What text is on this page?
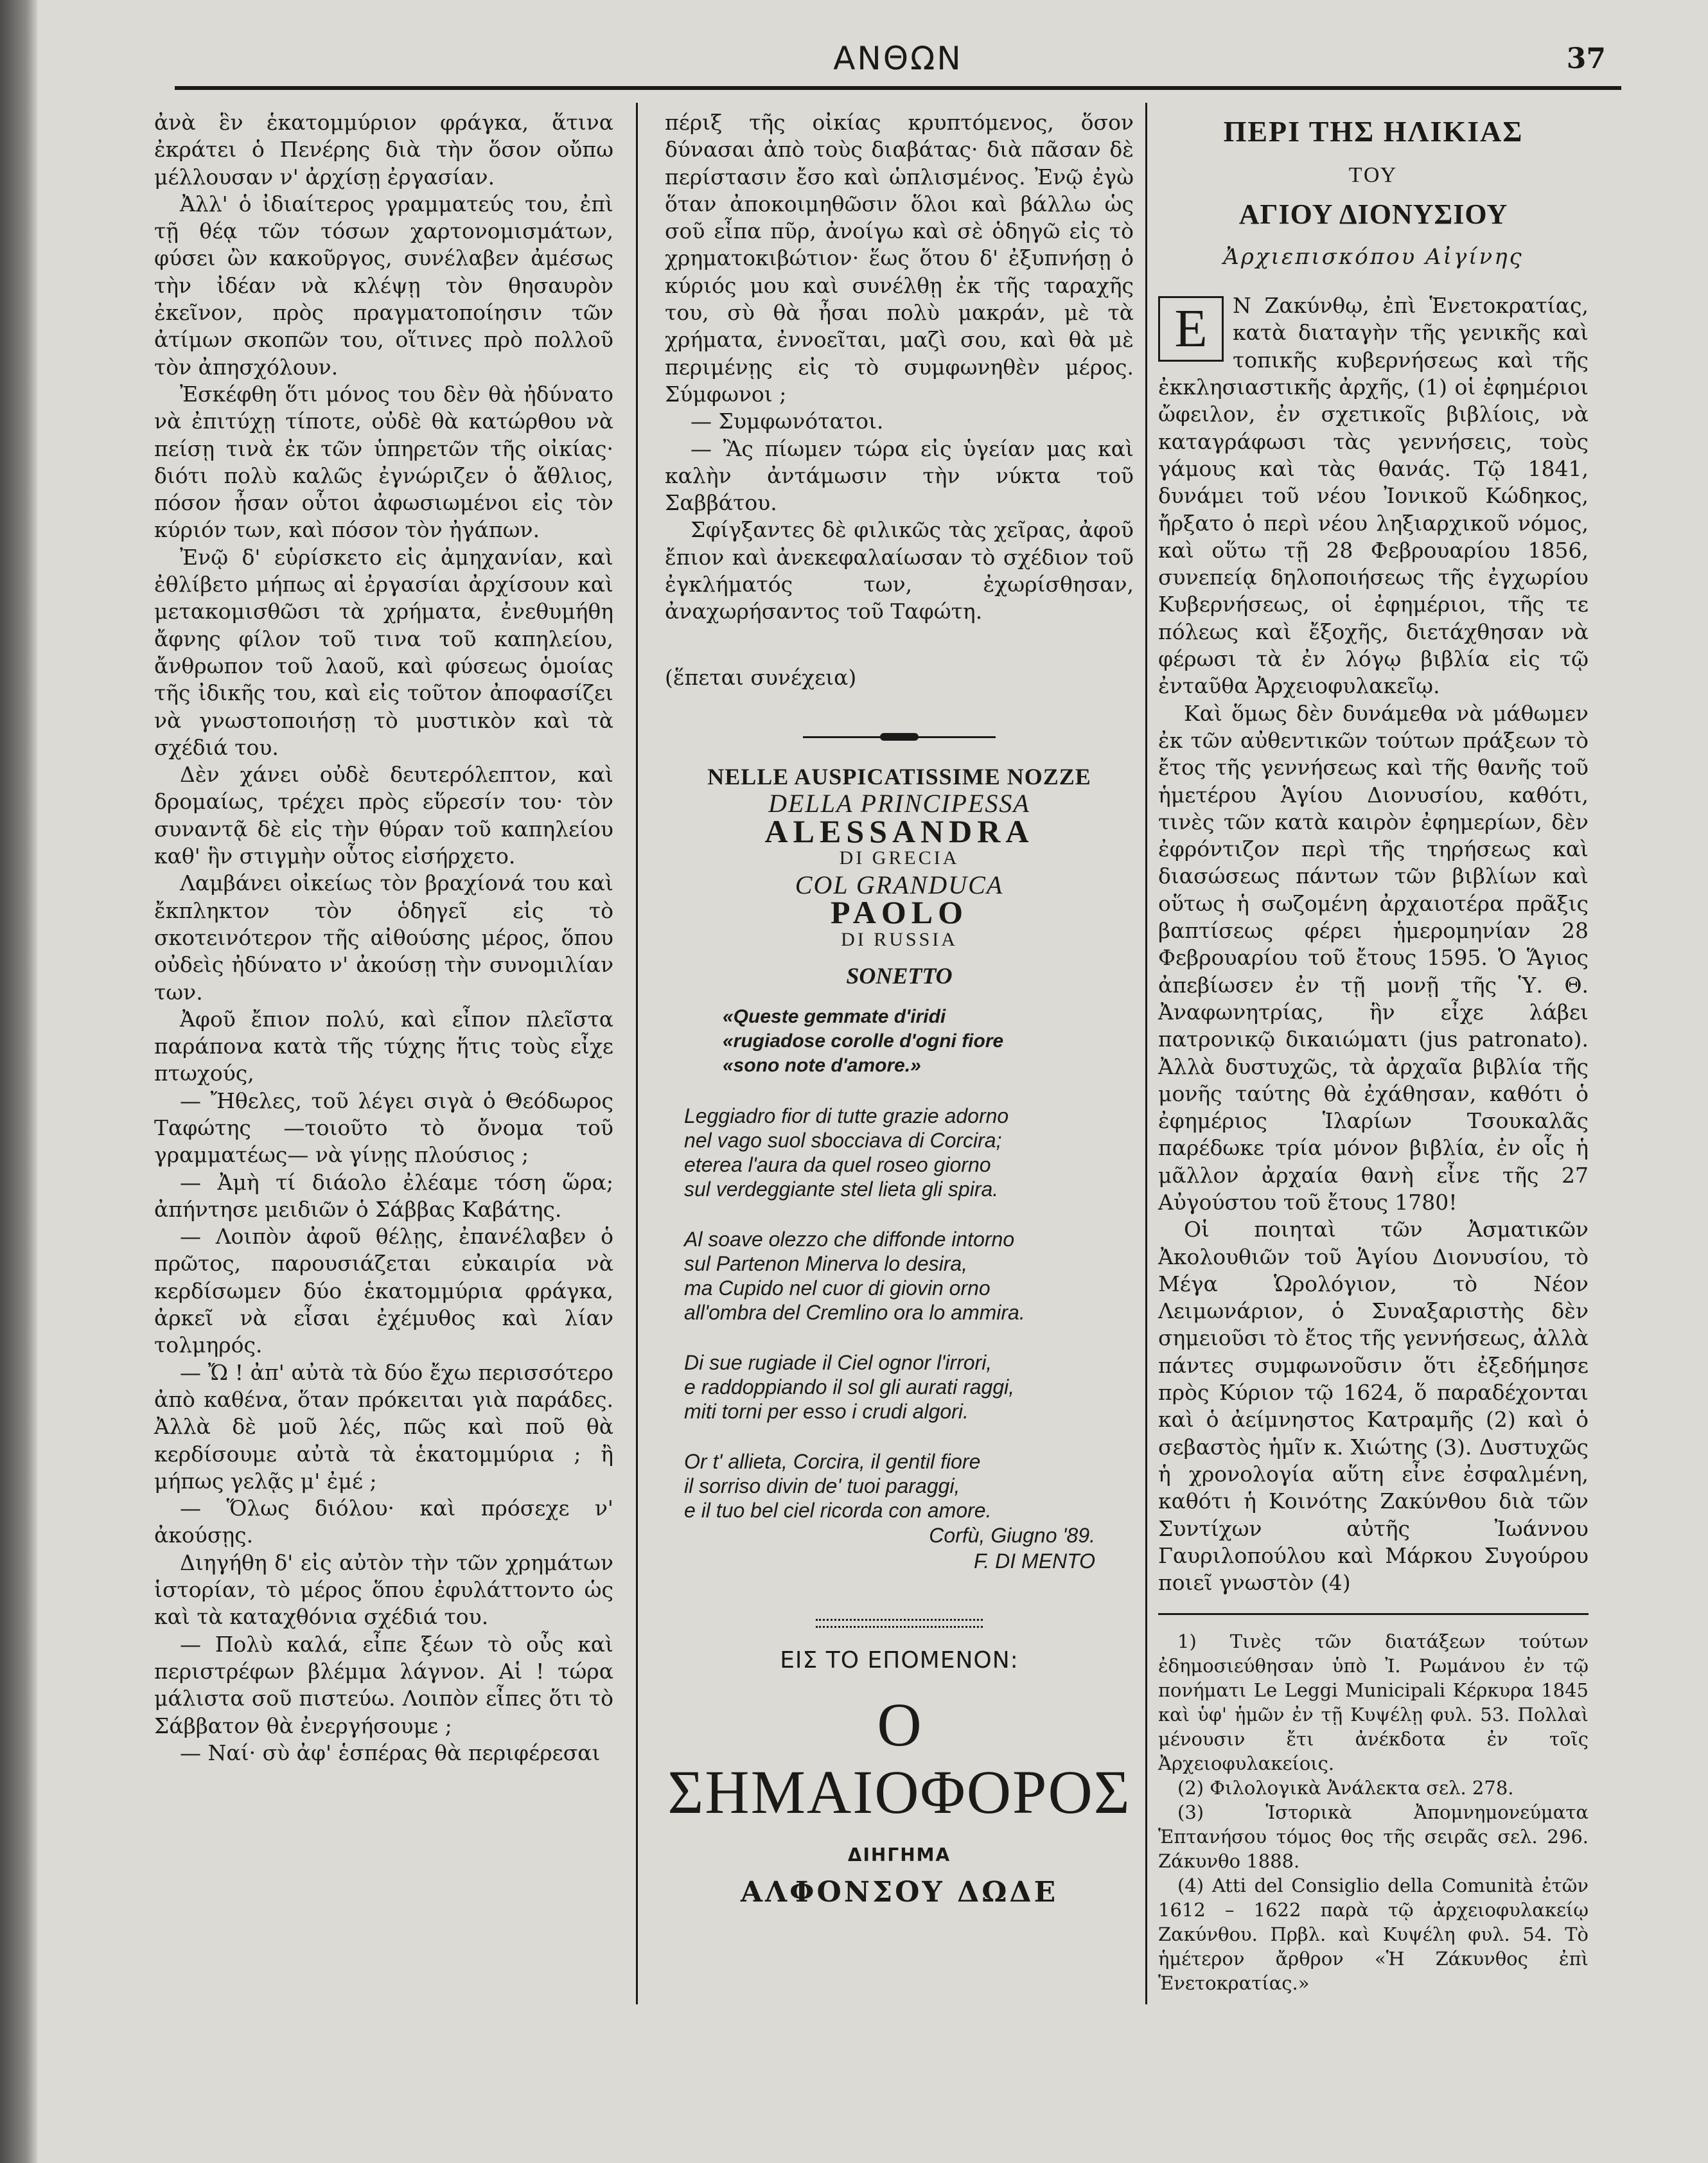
ΑΝΘΩΝ	37

ἀνὰ ἓν ἑκατομμύριον φράγκα, ἅτινα ἐκράτει ὁ Πενέρης διὰ τὴν ὅσον οὔπω μέλλουσαν ν' ἀρχίσῃ ἐργασίαν.

Ἀλλ' ὁ ἰδιαίτερος γραμματεύς του, ἐπὶ τῇ θέᾳ τῶν τόσων χαρτονομισμάτων, φύσει ὢν κακοῦργος, συνέλαβεν ἀμέσως τὴν ἰδέαν νὰ κλέψῃ τὸν θησαυρὸν ἐκεῖνον, πρὸς πραγματοποίησιν τῶν ἀτίμων σκοπῶν του, οἵτινες πρὸ πολλοῦ τὸν ἀπησχόλουν.

Ἐσκέφθη ὅτι μόνος του δὲν θὰ ἠδύνατο νὰ ἐπιτύχῃ τίποτε, οὐδὲ θὰ κατώρθου νὰ πείσῃ τινὰ ἐκ τῶν ὑπηρετῶν τῆς οἰκίας· διότι πολὺ καλῶς ἐγνώριζεν ὁ ἄθλιος, πόσον ἦσαν οὗτοι ἀφωσιωμένοι εἰς τὸν κύριόν των, καὶ πόσον τὸν ἠγάπων.

Ἐνῷ δ' εὑρίσκετο εἰς ἀμηχανίαν, καὶ ἐθλίβετο μήπως αἱ ἐργασίαι ἀρχίσουν καὶ μετακομισθῶσι τὰ χρήματα, ἐνεθυμήθη ἄφνης φίλον τοῦ τινα τοῦ καπηλείου, ἄνθρωπον τοῦ λαοῦ, καὶ φύσεως ὁμοίας τῆς ἰδικῆς του, καὶ εἰς τοῦτον ἀποφασίζει νὰ γνωστοποιήσῃ τὸ μυστικὸν καὶ τὰ σχέδιά του.

Δὲν χάνει οὐδὲ δευτερόλεπτον, καὶ δρομαίως, τρέχει πρὸς εὕρεσίν του· τὸν συναντᾷ δὲ εἰς τὴν θύραν τοῦ καπηλείου καθ' ἣν στιγμὴν οὗτος εἰσήρχετο.

Λαμβάνει οἰκείως τὸν βραχίονά του καὶ ἔκπληκτον τὸν ὁδηγεῖ εἰς τὸ σκοτεινότερον τῆς αἰθούσης μέρος, ὅπου οὐδεὶς ἠδύνατο ν' ἀκούσῃ τὴν συνομιλίαν των.

Ἀφοῦ ἔπιον πολύ, καὶ εἶπον πλεῖστα παράπονα κατὰ τῆς τύχης ἥτις τοὺς εἶχε πτωχούς,

— Ἤθελες, τοῦ λέγει σιγὰ ὁ Θεόδωρος Ταφώτης —τοιοῦτο τὸ ὄνομα τοῦ γραμματέως— νὰ γίνῃς πλούσιος ;

— Ἀμὴ τί διάολο ἐλέαμε τόση ὥρα; ἀπήντησε μειδιῶν ὁ Σάββας Καβάτης.

— Λοιπὸν ἀφοῦ θέλῃς, ἐπανέλαβεν ὁ πρῶτος, παρουσιάζεται εὐκαιρία νὰ κερδίσωμεν δύο ἑκατομμύρια φράγκα, ἀρκεῖ νὰ εἶσαι ἐχέμυθος καὶ λίαν τολμηρός.

— Ὤ ! ἀπ' αὐτὰ τὰ δύο ἔχω περισσότερο ἀπὸ καθένα, ὅταν πρόκειται γιὰ παράδες. Ἀλλὰ δὲ μοῦ λές, πῶς καὶ ποῦ θὰ κερδίσουμε αὐτὰ τὰ ἑκατομμύρια ; ἢ μήπως γελᾷς μ' ἐμέ ;

— Ὅλως διόλου· καὶ πρόσεχε ν' ἀκούσῃς.

Διηγήθη δ' εἰς αὐτὸν τὴν τῶν χρημάτων ἱστορίαν, τὸ μέρος ὅπου ἐφυλάττοντο ὡς καὶ τὰ καταχθόνια σχέδιά του.

— Πολὺ καλά, εἶπε ξέων τὸ οὖς καὶ περιστρέφων βλέμμα λάγνον. Αἱ ! τώρα μάλιστα σοῦ πιστεύω. Λοιπὸν εἶπες ὅτι τὸ Σάββατον θὰ ἐνεργήσουμε ;

— Ναί· σὺ ἀφ' ἑσπέρας θὰ περιφέρεσαι

πέριξ τῆς οἰκίας κρυπτόμενος, ὅσον δύνασαι ἀπὸ τοὺς διαβάτας· διὰ πᾶσαν δὲ περίστασιν ἔσο καὶ ὡπλισμένος. Ἐνῷ ἐγὼ ὅταν ἀποκοιμηθῶσιν ὅλοι καὶ βάλλω ὡς σοῦ εἶπα πῦρ, ἀνοίγω καὶ σὲ ὁδηγῶ εἰς τὸ χρηματοκιβώτιον· ἕως ὅτου δ' ἐξυπνήσῃ ὁ κύριός μου καὶ συνέλθῃ ἐκ τῆς ταραχῆς του, σὺ θὰ ἦσαι πολὺ μακράν, μὲ τὰ χρήματα, ἐννοεῖται, μαζὶ σου, καὶ θὰ μὲ περιμένῃς εἰς τὸ συμφωνηθὲν μέρος. Σύμφωνοι ;

— Συμφωνότατοι.

— Ἂς πίωμεν τώρα εἰς ὑγείαν μας καὶ καλὴν ἀντάμωσιν τὴν νύκτα τοῦ Σαββάτου.

Σφίγξαντες δὲ φιλικῶς τὰς χεῖρας, ἀφοῦ ἔπιον καὶ ἀνεκεφαλαίωσαν τὸ σχέδιον τοῦ ἐγκλήματός των, ἐχωρίσθησαν, ἀναχωρήσαντος τοῦ Ταφώτη.

(ἕπεται συνέχεια)

NELLE AUSPICATISSIME NOZZE
DELLA PRINCIPESSA
ALESSANDRA
DI GRECIA
COL GRANDUCA
PAOLO
DI RUSSIA
SONETTO
«Queste gemmate d'iridi
«rugiadose corolle d'ogni fiore
«sono note d'amore.»
Leggiadro fior di tutte grazie adorno
nel vago suol sbocciava di Corcira;
eterea l'aura da quel roseo giorno
sul verdeggiante stel lieta gli spira.
Al soave olezzo che diffonde intorno
sul Partenon Minerva lo desira,
ma Cupido nel cuor di giovin orno
all'ombra del Cremlino ora lo ammira.
Di sue rugiade il Ciel ognor l'irrori,
e raddoppiando il sol gli aurati raggi,
miti torni per esso i crudi algori.
Or t' allieta, Corcira, il gentil fiore
il sorriso divin de' tuoi paraggi,
e il tuo bel ciel ricorda con amore.
Corfù, Giugno '89.
F. DI MENTO
ΕΙΣ ΤΟ ΕΠΟΜΕΝΟΝ:
Ο
ΣΗΜΑΙΟΦΟΡΟΣ
ΔΙΗΓΗΜΑ
ΑΛΦΟΝΣΟΥ ΔΩΔΕ
ΠΕΡΙ ΤΗΣ ΗΛΙΚΙΑΣ
ΤΟΥ
ΑΓΙΟΥ ΔΙΟΝΥΣΙΟΥ
Ἀρχιεπισκόπου Αἰγίνης
Ε	Ν Ζακύνθῳ, ἐπὶ Ἑνετοκρατίας, κατὰ διαταγὴν τῆς γενικῆς καὶ τοπικῆς κυβερνήσεως καὶ τῆς ἐκκλησιαστικῆς ἀρχῆς, (1) οἱ ἐφημέριοι ὤφειλον, ἐν σχετικοῖς βιβλίοις, νὰ καταγράφωσι τὰς γεννήσεις, τοὺς γάμους καὶ τὰς θανάς. Τῷ 1841, δυνάμει τοῦ νέου Ἰονικοῦ Κώδηκος, ἤρξατο ὁ περὶ νέου ληξιαρχικοῦ νόμος, καὶ οὕτω τῇ 28 Φεβρουαρίου 1856, συνεπείᾳ δηλοποιήσεως τῆς ἐγχωρίου Κυβερνήσεως, οἱ ἐφημέριοι, τῆς τε πόλεως καὶ ἔξοχῆς, διετάχθησαν νὰ φέρωσι τὰ ἐν λόγῳ βιβλία εἰς τῷ ἐνταῦθα Ἀρχειοφυλακεῖῳ.

Καὶ ὅμως δὲν δυνάμεθα νὰ μάθωμεν ἐκ τῶν αὐθεντικῶν τούτων πράξεων τὸ ἔτος τῆς γεννήσεως καὶ τῆς θανῆς τοῦ ἡμετέρου Ἁγίου Διονυσίου, καθότι, τινὲς τῶν κατὰ καιρὸν ἐφημερίων, δὲν ἐφρόντιζον περὶ τῆς τηρήσεως καὶ διασώσεως πάντων τῶν βιβλίων καὶ οὕτως ἡ σωζομένη ἀρχαιοτέρα πρᾶξις βαπτίσεως φέρει ἡμερομηνίαν 28 Φεβρουαρίου τοῦ ἔτους 1595. Ὁ Ἅγιος ἀπεβίωσεν ἐν τῇ μονῇ τῆς Ὑ. Θ. Ἀναφωνητρίας, ἣν εἶχε λάβει πατρονικῷ δικαιώματι (jus patronato). Ἀλλὰ δυστυχῶς, τὰ ἀρχαῖα βιβλία τῆς μονῆς ταύτης θὰ ἐχάθησαν, καθότι ὁ ἐφημέριος Ἱλαρίων Τσουκαλᾶς παρέδωκε τρία μόνον βιβλία, ἐν οἷς ἡ μᾶλλον ἀρχαία θανὴ εἶνε τῆς 27 Αὐγούστου τοῦ ἔτους 1780!

Οἱ ποιηταὶ τῶν Ἀσματικῶν Ἀκολουθιῶν τοῦ Ἁγίου Διονυσίου, τὸ Μέγα Ὡρολόγιον, τὸ Νέον Λειμωνάριον, ὁ Συναξαριστὴς δὲν σημειοῦσι τὸ ἔτος τῆς γεννήσεως, ἀλλὰ πάντες συμφωνοῦσιν ὅτι ἐξεδήμησε πρὸς Κύριον τῷ 1624, ὅ παραδέχονται καὶ ὁ ἀείμνηστος Κατραμῆς (2) καὶ ὁ σεβαστὸς ἡμῖν κ. Χιώτης (3). Δυστυχῶς ἡ χρονολογία αὕτη εἶνε ἐσφαλμένη, καθότι ἡ Κοινότης Ζακύνθου διὰ τῶν Συντίχων αὐτῆς Ἰωάννου Γαυριλοπούλου καὶ Μάρκου Συγούρου ποιεῖ γνωστὸν (4)

1) Τινὲς τῶν διατάξεων τούτων ἐδημοσιεύθησαν ὑπὸ Ἰ. Ρωμάνου ἐν τῷ πονήματι Le Leggi Municipali Κέρκυρα 1845 καὶ ὑφ' ἡμῶν ἐν τῇ Κυψέλῃ φυλ. 53. Πολλαὶ μένουσιν ἔτι ἀνέκδοτα ἐν τοῖς Ἀρχειοφυλακείοις.

(2) Φιλολογικὰ Ἀνάλεκτα σελ. 278.

(3) Ἱστορικὰ Ἀπομνημονεύματα Ἑπτανήσου τόμος θος τῆς σειρᾶς σελ. 296. Ζάκυνθο 1888.

(4) Atti del Consiglio della Comunità ἐτῶν 1612 – 1622 παρὰ τῷ ἀρχειοφυλακείῳ Ζακύνθου. Πρβλ. καὶ Κυψέλη φυλ. 54. Τὸ ἡμέτερον ἄρθρον «Ἡ Ζάκυνθος ἐπὶ Ἑνετοκρατίας.»
